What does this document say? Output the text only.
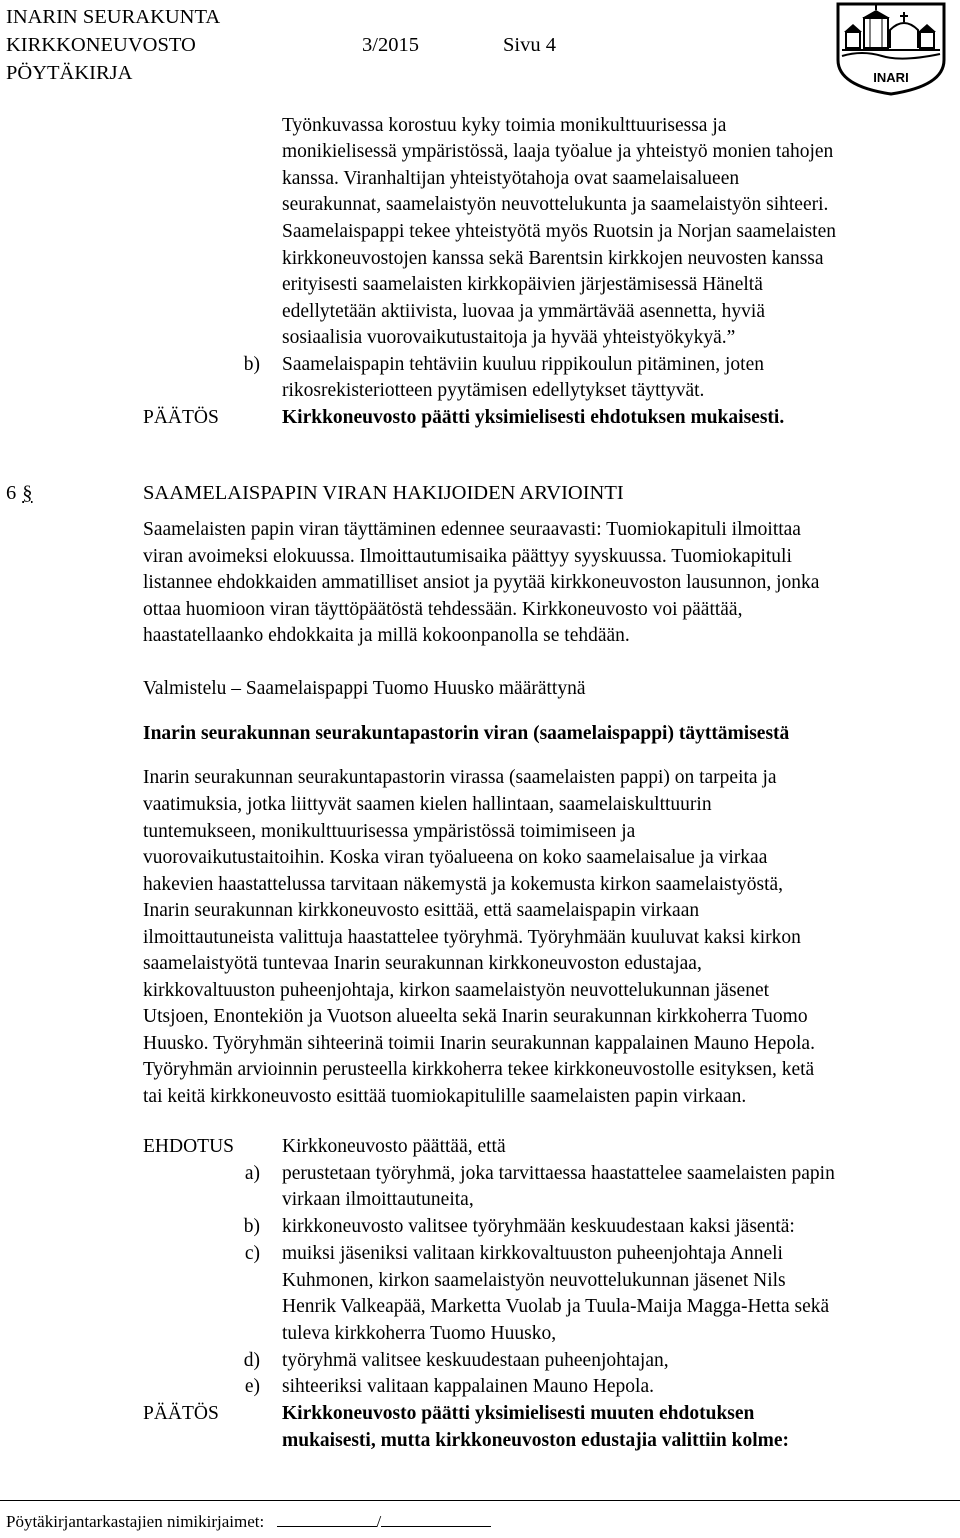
INARIN SEURAKUNTA
KIRKKONEUVOSTO	3/2015	Sivu 4
PÖYTÄKIRJA	INARI
Työnkuvassa korostuu kyky toimia monikulttuurisessa ja
monikielisessä ympäristössä, laaja työalue ja yhteistyö monien tahojen
kanssa. Viranhaltijan yhteistyötahoja ovat saamelaisalueen
seurakunnat, saamelaistyön neuvottelukunta ja saamelaistyön sihteeri.
Saamelaispappi tekee yhteistyötä myös Ruotsin ja Norjan saamelaisten
kirkkoneuvostojen kanssa sekä Barentsin kirkkojen neuvosten kanssa
erityisesti saamelaisten kirkkopäivien järjestämisessä Häneltä
edellytetään aktiivista, luovaa ja ymmärtävää asennetta, hyviä
sosiaalisia vuorovaikutustaitoja ja hyvää yhteistyökykyä.”
b) Saamelaispapin tehtäviin kuuluu rippikoulun pitäminen, joten
rikosrekisteriotteen pyytämisen edellytykset täyttyvät.
PÄÄTÖS	Kirkkoneuvosto päätti yksimielisesti ehdotuksen mukaisesti.
6 §	SAAMELAISPAPIN VIRAN HAKIJOIDEN ARVIOINTI
Saamelaisten papin viran täyttäminen edennee seuraavasti: Tuomiokapituli ilmoittaa
viran avoimeksi elokuussa. Ilmoittautumisaika päättyy syyskuussa. Tuomiokapituli
listannee ehdokkaiden ammatilliset ansiot ja pyytää kirkkoneuvoston lausunnon, jonka
ottaa huomioon viran täyttöpäätöstä tehdessään. Kirkkoneuvosto voi päättää,
haastatellaanko ehdokkaita ja millä kokoonpanolla se tehdään.
Valmistelu – Saamelaispappi Tuomo Huusko määrättynä
Inarin seurakunnan seurakuntapastorin viran (saamelaispappi) täyttämisestä
Inarin seurakunnan seurakuntapastorin virassa (saamelaisten pappi) on tarpeita ja
vaatimuksia, jotka liittyvät saamen kielen hallintaan, saamelaiskulttuurin
tuntemukseen, monikulttuurisessa ympäristössä toimimiseen ja
vuorovaikutustaitoihin. Koska viran työalueena on koko saamelaisalue ja virkaa
hakevien haastattelussa tarvitaan näkemystä ja kokemusta kirkon saamelaistyöstä,
Inarin seurakunnan kirkkoneuvosto esittää, että saamelaispapin virkaan
ilmoittautuneista valittuja haastattelee työryhmä. Työryhmään kuuluvat kaksi kirkon
saamelaistyötä tuntevaa Inarin seurakunnan kirkkoneuvoston edustajaa,
kirkkovaltuuston puheenjohtaja, kirkon saamelaistyön neuvottelukunnan jäsenet
Utsjoen, Enontekiön ja Vuotson alueelta sekä Inarin seurakunnan kirkkoherra Tuomo
Huusko. Työryhmän sihteerinä toimii Inarin seurakunnan kappalainen Mauno Hepola.
Työryhmän arvioinnin perusteella kirkkoherra tekee kirkkoneuvostolle esityksen, ketä
tai keitä kirkkoneuvosto esittää tuomiokapitulille saamelaisten papin virkaan.
EHDOTUS Kirkkoneuvosto päättää, että
a) perustetaan työryhmä, joka tarvittaessa haastattelee saamelaisten papin
virkaan ilmoittautuneita,
b) kirkkoneuvosto valitsee työryhmään keskuudestaan kaksi jäsentä:
c) muiksi jäseniksi valitaan kirkkovaltuuston puheenjohtaja Anneli
Kuhmonen, kirkon saamelaistyön neuvottelukunnan jäsenet Nils
Henrik Valkeapää, Marketta Vuolab ja Tuula-Maija Magga-Hetta sekä
tuleva kirkkoherra Tuomo Huusko,
d) työryhmä valitsee keskuudestaan puheenjohtajan,
e) sihteeriksi valitaan kappalainen Mauno Hepola.
PÄÄTÖS	Kirkkoneuvosto päätti yksimielisesti muuten ehdotuksen
mukaisesti, mutta kirkkoneuvoston edustajia valittiin kolme:
Pöytäkirjantarkastajien nimikirjaimet:	/
